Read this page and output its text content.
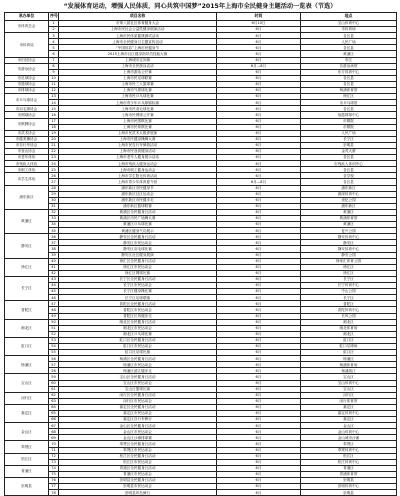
“发展体育运动，增强人民体质，同心共筑中国梦”2015年上海市全民健身主题活动一览表（节选）
承办单位	序号	项目名称	时间	地点
市体育总会	1	市第八届社区体育健身大会	6月10日	宝山体育中心
	2	上海市民社会公益性健身展演活动	6月	市体育场
市体育局	3	上海市民体质健康测试活动	6月	各区县
	4	上海市全民健身日主题宣传活动	6月	人民广场
	5	“中国体彩”上海市民健身节	6月	各区县
	6	2015上海市社区健身指导员技能大赛	6月	黄浦区
市田径协会	7	上海城市定向赛	6月	市区
市游泳协会	8	上海市全民游泳活动	6月—8月	各游泳场馆
	9	上海市游泳公开赛	6月	东方体育中心
市足球协会	10	上海市民足球联赛	6月	各区县
市篮球协会	11	上海市民三人篮球赛	6月	各区县
市排球协会	12	上海市气排球比赛	6月	杨浦体育馆
市乒乓球协会	13	上海市民乒乓球比赛	6月	徐汇区
	14	上海市青少年乒乓球锦标赛	6月	市乒乓球馆
市羽毛球协会	15	上海市民羽毛球比赛	6月	各区县
市网球协会	16	上海市民网球公开赛	6月	仙霞网球中心
市棋牌协会	17	上海市民围棋比赛	6月	市棋院
	18	上海市民象棋比赛	6月	市棋院
市武术协会	19	上海市民武术太极拳展演	6月	人民广场
市健美操协会	20	上海市民健身操舞大赛	6月	长宁区
市自行车协会	21	上海市民自行车骑游活动	6月	崇明县
市登山协会	22	上海市民登高健身活动	6月	金茂大厦
市老年体协	23	上海市老年人健身展示活动	6月	各区县
市残疾人体协	24	上海市残疾人健身运动会	6月	市残疾人体训中心
市职工体协	25	上海市职工健身运动会	6月	各区县
市学生体协	26	上海市学生阳光体育活动	6月	各学校
	27	上海市青少年体育夏令营	6月—8月	各区县
浦东新区	28	浦东新区市民健身节	6月	浦东新区
	29	浦东新区社区运动会	6月	源深体育中心
	30	浦东新区市民健步走	6月	世纪公园
	31	浦东新区篮球联赛	6月	浦东新区
黄浦区	32	黄浦区全民健身日活动	6月	黄浦区
	33	黄浦区市民广场舞大赛	6月	黄浦体育馆
	34	黄浦区乒乓球比赛	6月	黄浦区
	35	黄浦区健身气功展示	6月	复兴公园
静安区	36	静安区全民健身日活动	6月	静安体育中心
	37	静安区市民运动会	6月	静安区
	38	静安区羽毛球比赛	6月	静安体育中心
	39	静安区社区健身展演	6月	静安公园
徐汇区	40	徐汇区全民健身日活动	6月	徐家汇体育公园
	41	徐汇区市民运动会	6月	徐汇区
	42	徐汇区网球比赛	6月	徐汇区
长宁区	43	长宁区全民健身日活动	6月	长宁区
	44	长宁区市民运动会	6月	长宁体育中心
	45	长宁区健身操比赛	6月	中山公园
	46	长宁区足球联赛	6月	长宁区
普陀区	47	普陀区全民健身日活动	6月	普陀区
	48	普陀区市民运动会	6月	普陀体育中心
	49	普陀区长风健步走	6月	长风公园
闸北区	50	闸北区全民健身日活动	6月	闸北区
	51	闸北区市民运动会	6月	闸北体育场
	52	闸北区乒乓球比赛	6月	闸北区
虹口区	53	虹口区全民健身日活动	6月	虹口区
	54	虹口区市民运动会	6月	虹口足球场
	55	虹口区足球比赛	6月	虹口区
杨浦区	56	杨浦区全民健身日活动	6月	杨浦区
	57	杨浦区市民运动会	6月	杨浦体育场
	58	杨浦区滨江健步走	6月	杨浦滨江
宝山区	59	宝山区全民健身日活动	6月	宝山区
	60	宝山区市民运动会	6月	宝山体育中心
	61	宝山区篮球比赛	6月	宝山区
闵行区	62	闵行区全民健身日活动	6月	闵行区
	63	闵行区市民运动会	6月	闵行体育馆
嘉定区	64	嘉定区全民健身日活动	6月	嘉定区
	65	嘉定区市民运动会	6月	嘉定体育中心
	66	嘉定区自行车骑行	6月	嘉定区
金山区	67	金山区全民健身日活动	6月	金山区
	68	金山区市民运动会	6月	金山体育中心
	69	金山区沙滩排球赛	6月	金山城市沙滩
奉贤区	70	奉贤区全民健身日活动	6月	奉贤区
	71	奉贤区市民运动会	6月	奉贤体育中心
松江区	72	松江区全民健身日活动	6月	松江区
	73	松江区市民运动会	6月	松江体育中心
青浦区	74	青浦区全民健身日活动	6月	青浦区
	75	青浦区市民运动会	6月	青浦体育馆
崇明县	76	崇明县全民健身日活动	6月	崇明县
	77	崇明县市民运动会	6月	崇明体育中心
	78	崇明县环岛骑行	6月	崇明县
